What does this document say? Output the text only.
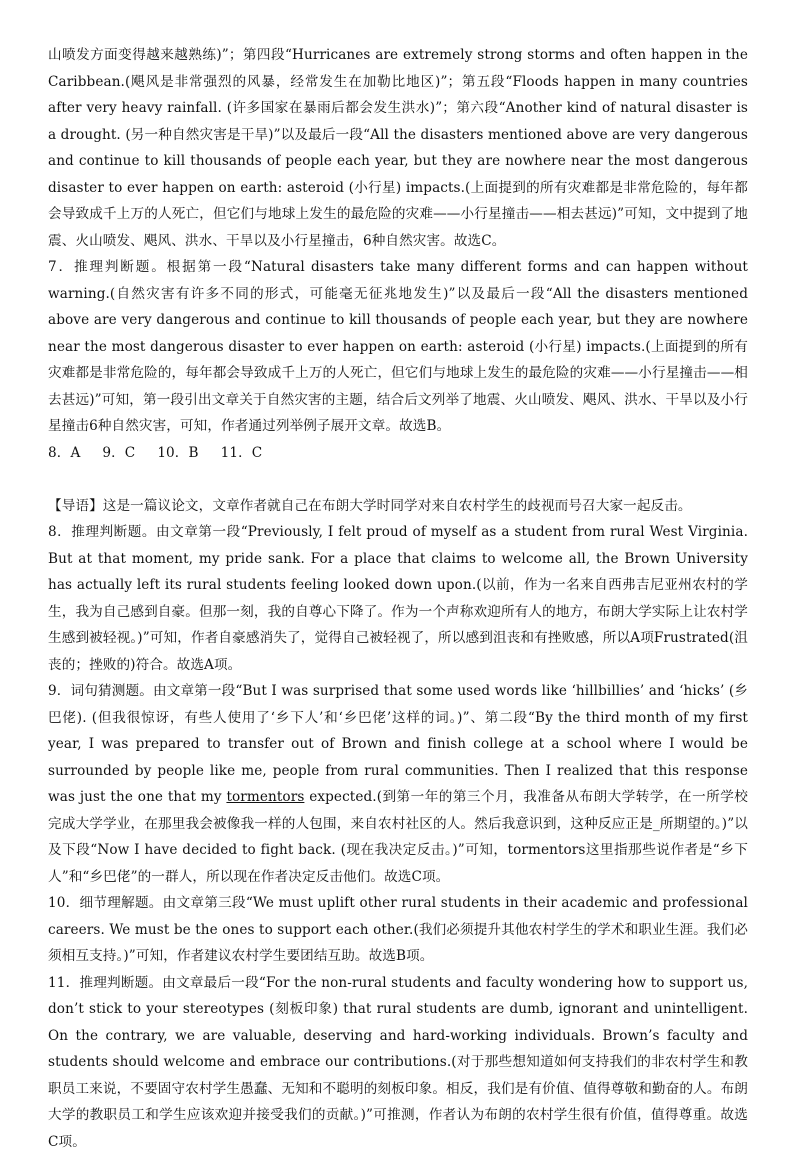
山喷发方面变得越来越熟练)”；第四段“Hurricanes are extremely strong storms and often happen in the Caribbean.(飓风是非常强烈的风暴，经常发生在加勒比地区)”；第五段“Floods happen in many countries after very heavy rainfall. (许多国家在暴雨后都会发生洪水)”；第六段“Another kind of natural disaster is a drought. (另一种自然灾害是干旱)”以及最后一段“All the disasters mentioned above are very dangerous and continue to kill thousands of people each year, but they are nowhere near the most dangerous disaster to ever happen on earth: asteroid (小行星) impacts.(上面提到的所有灾难都是非常危险的，每年都会导致成千上万的人死亡，但它们与地球上发生的最危险的灾难——小行星撞击——相去甚远)”可知，文中提到了地震、火山喷发、飓风、洪水、干旱以及小行星撞击，6种自然灾害。故选C。

7．推理判断题。根据第一段“Natural disasters take many different forms and can happen without warning.(自然灾害有许多不同的形式，可能毫无征兆地发生)”以及最后一段“All the disasters mentioned above are very dangerous and continue to kill thousands of people each year, but they are nowhere near the most dangerous disaster to ever happen on earth: asteroid (小行星) impacts.(上面提到的所有灾难都是非常危险的，每年都会导致成千上万的人死亡，但它们与地球上发生的最危险的灾难——小行星撞击——相去甚远)”可知，第一段引出文章关于自然灾害的主题，结合后文列举了地震、火山喷发、飓风、洪水、干旱以及小行星撞击6种自然灾害，可知，作者通过列举例子展开文章。故选B。

8．A 9．C 10．B 11．C

【导语】这是一篇议论文，文章作者就自己在布朗大学时同学对来自农村学生的歧视而号召大家一起反击。

8．推理判断题。由文章第一段“Previously, I felt proud of myself as a student from rural West Virginia. But at that moment, my pride sank. For a place that claims to welcome all, the Brown University has actually left its rural students feeling looked down upon.(以前，作为一名来自西弗吉尼亚州农村的学生，我为自己感到自豪。但那一刻，我的自尊心下降了。作为一个声称欢迎所有人的地方，布朗大学实际上让农村学生感到被轻视。)”可知，作者自豪感消失了，觉得自己被轻视了，所以感到沮丧和有挫败感，所以A项Frustrated(沮丧的；挫败的)符合。故选A项。

9．词句猜测题。由文章第一段“But I was surprised that some used words like ‘hillbillies’ and ‘hicks’ (乡巴佬). (但我很惊讶，有些人使用了‘乡下人’和‘乡巴佬’这样的词。)”、第二段“By the third month of my first year, I was prepared to transfer out of Brown and finish college at a school where I would be surrounded by people like me, people from rural communities. Then I realized that this response was just the one that my tormentors expected.(到第一年的第三个月，我准备从布朗大学转学，在一所学校完成大学学业，在那里我会被像我一样的人包围，来自农村社区的人。然后我意识到，这种反应正是_所期望的。)”以及下段“Now I have decided to fight back. (现在我决定反击。)”可知，tormentors这里指那些说作者是“乡下人”和“乡巴佬”的一群人，所以现在作者决定反击他们。故选C项。

10．细节理解题。由文章第三段“We must uplift other rural students in their academic and professional careers. We must be the ones to support each other.(我们必须提升其他农村学生的学术和职业生涯。我们必须相互支持。)”可知，作者建议农村学生要团结互助。故选B项。

11．推理判断题。由文章最后一段“For the non-rural students and faculty wondering how to support us, don’t stick to your stereotypes (刻板印象) that rural students are dumb, ignorant and unintelligent. On the contrary, we are valuable, deserving and hard-working individuals. Brown’s faculty and students should welcome and embrace our contributions.(对于那些想知道如何支持我们的非农村学生和教职员工来说，不要固守农村学生愚蠢、无知和不聪明的刻板印象。相反，我们是有价值、值得尊敬和勤奋的人。布朗大学的教职员工和学生应该欢迎并接受我们的贡献。)”可推测，作者认为布朗的农村学生很有价值，值得尊重。故选C项。
